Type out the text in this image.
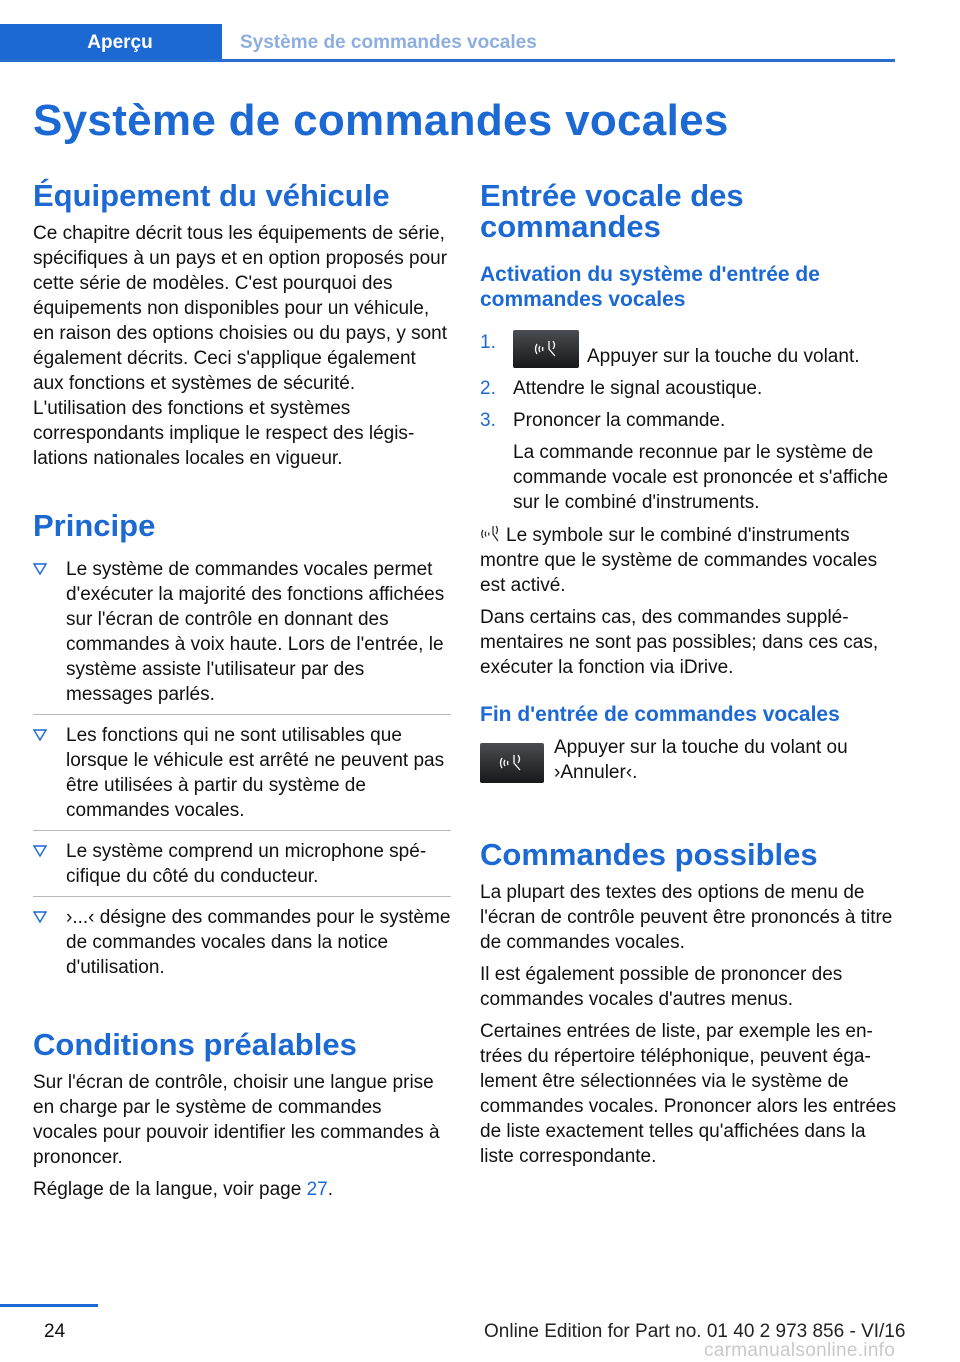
Aperçu	Système de commandes vocales
Système de commandes vocales
Équipement du véhicule

Ce chapitre décrit tous les équipements de série, spécifiques à un pays et en option proposés pour cette série de modèles. C'est pourquoi des équipements non disponibles pour un véhicule, en raison des options choisies ou du pays, y sont également décrits. Ceci s'applique également aux fonctions et systèmes de sécurité. L'utilisation des fonctions et systèmes correspondants implique le respect des législations nationales locales en vigueur.

Principe
Le système de commandes vocales permet d'exécuter la majorité des fonctions affichées sur l'écran de contrôle en donnant des commandes à voix haute. Lors de l'entrée, le système assiste l'utilisateur par des messages parlés.
Les fonctions qui ne sont utilisables que lorsque le véhicule est arrêté ne peuvent pas être utilisées à partir du système de commandes vocales.
Le système comprend un microphone spécifique du côté du conducteur.
›...‹ désigne des commandes pour le système de commandes vocales dans la notice d'utilisation.
Conditions préalables

Sur l'écran de contrôle, choisir une langue prise en charge par le système de commandes vocales pour pouvoir identifier les commandes à prononcer.

Réglage de la langue, voir page 27.

Entrée vocale des commandes
Activation du système d'entrée de commandes vocales
1.
Appuyer sur la touche du volant.
2. Attendre le signal acoustique.
3. Prononcer la commande.

La commande reconnue par le système de commande vocale est prononcée et s'affiche sur le combiné d'instruments.

Le symbole sur le combiné d'instruments montre que le système de commandes vocales est activé.

Dans certains cas, des commandes supplémentaires ne sont pas possibles; dans ces cas, exécuter la fonction via iDrive.

Fin d'entrée de commandes vocales

Appuyer sur la touche du volant ou ›Annuler‹.

Commandes possibles

La plupart des textes des options de menu de l'écran de contrôle peuvent être prononcés à titre de commandes vocales.

Il est également possible de prononcer des commandes vocales d'autres menus.

Certaines entrées de liste, par exemple les entrées du répertoire téléphonique, peuvent également être sélectionnées via le système de commandes vocales. Prononcer alors les entrées de liste exactement telles qu'affichées dans la liste correspondante.

24	Online Edition for Part no. 01 40 2 973 856 - VI/16
carmanualsonline.info
